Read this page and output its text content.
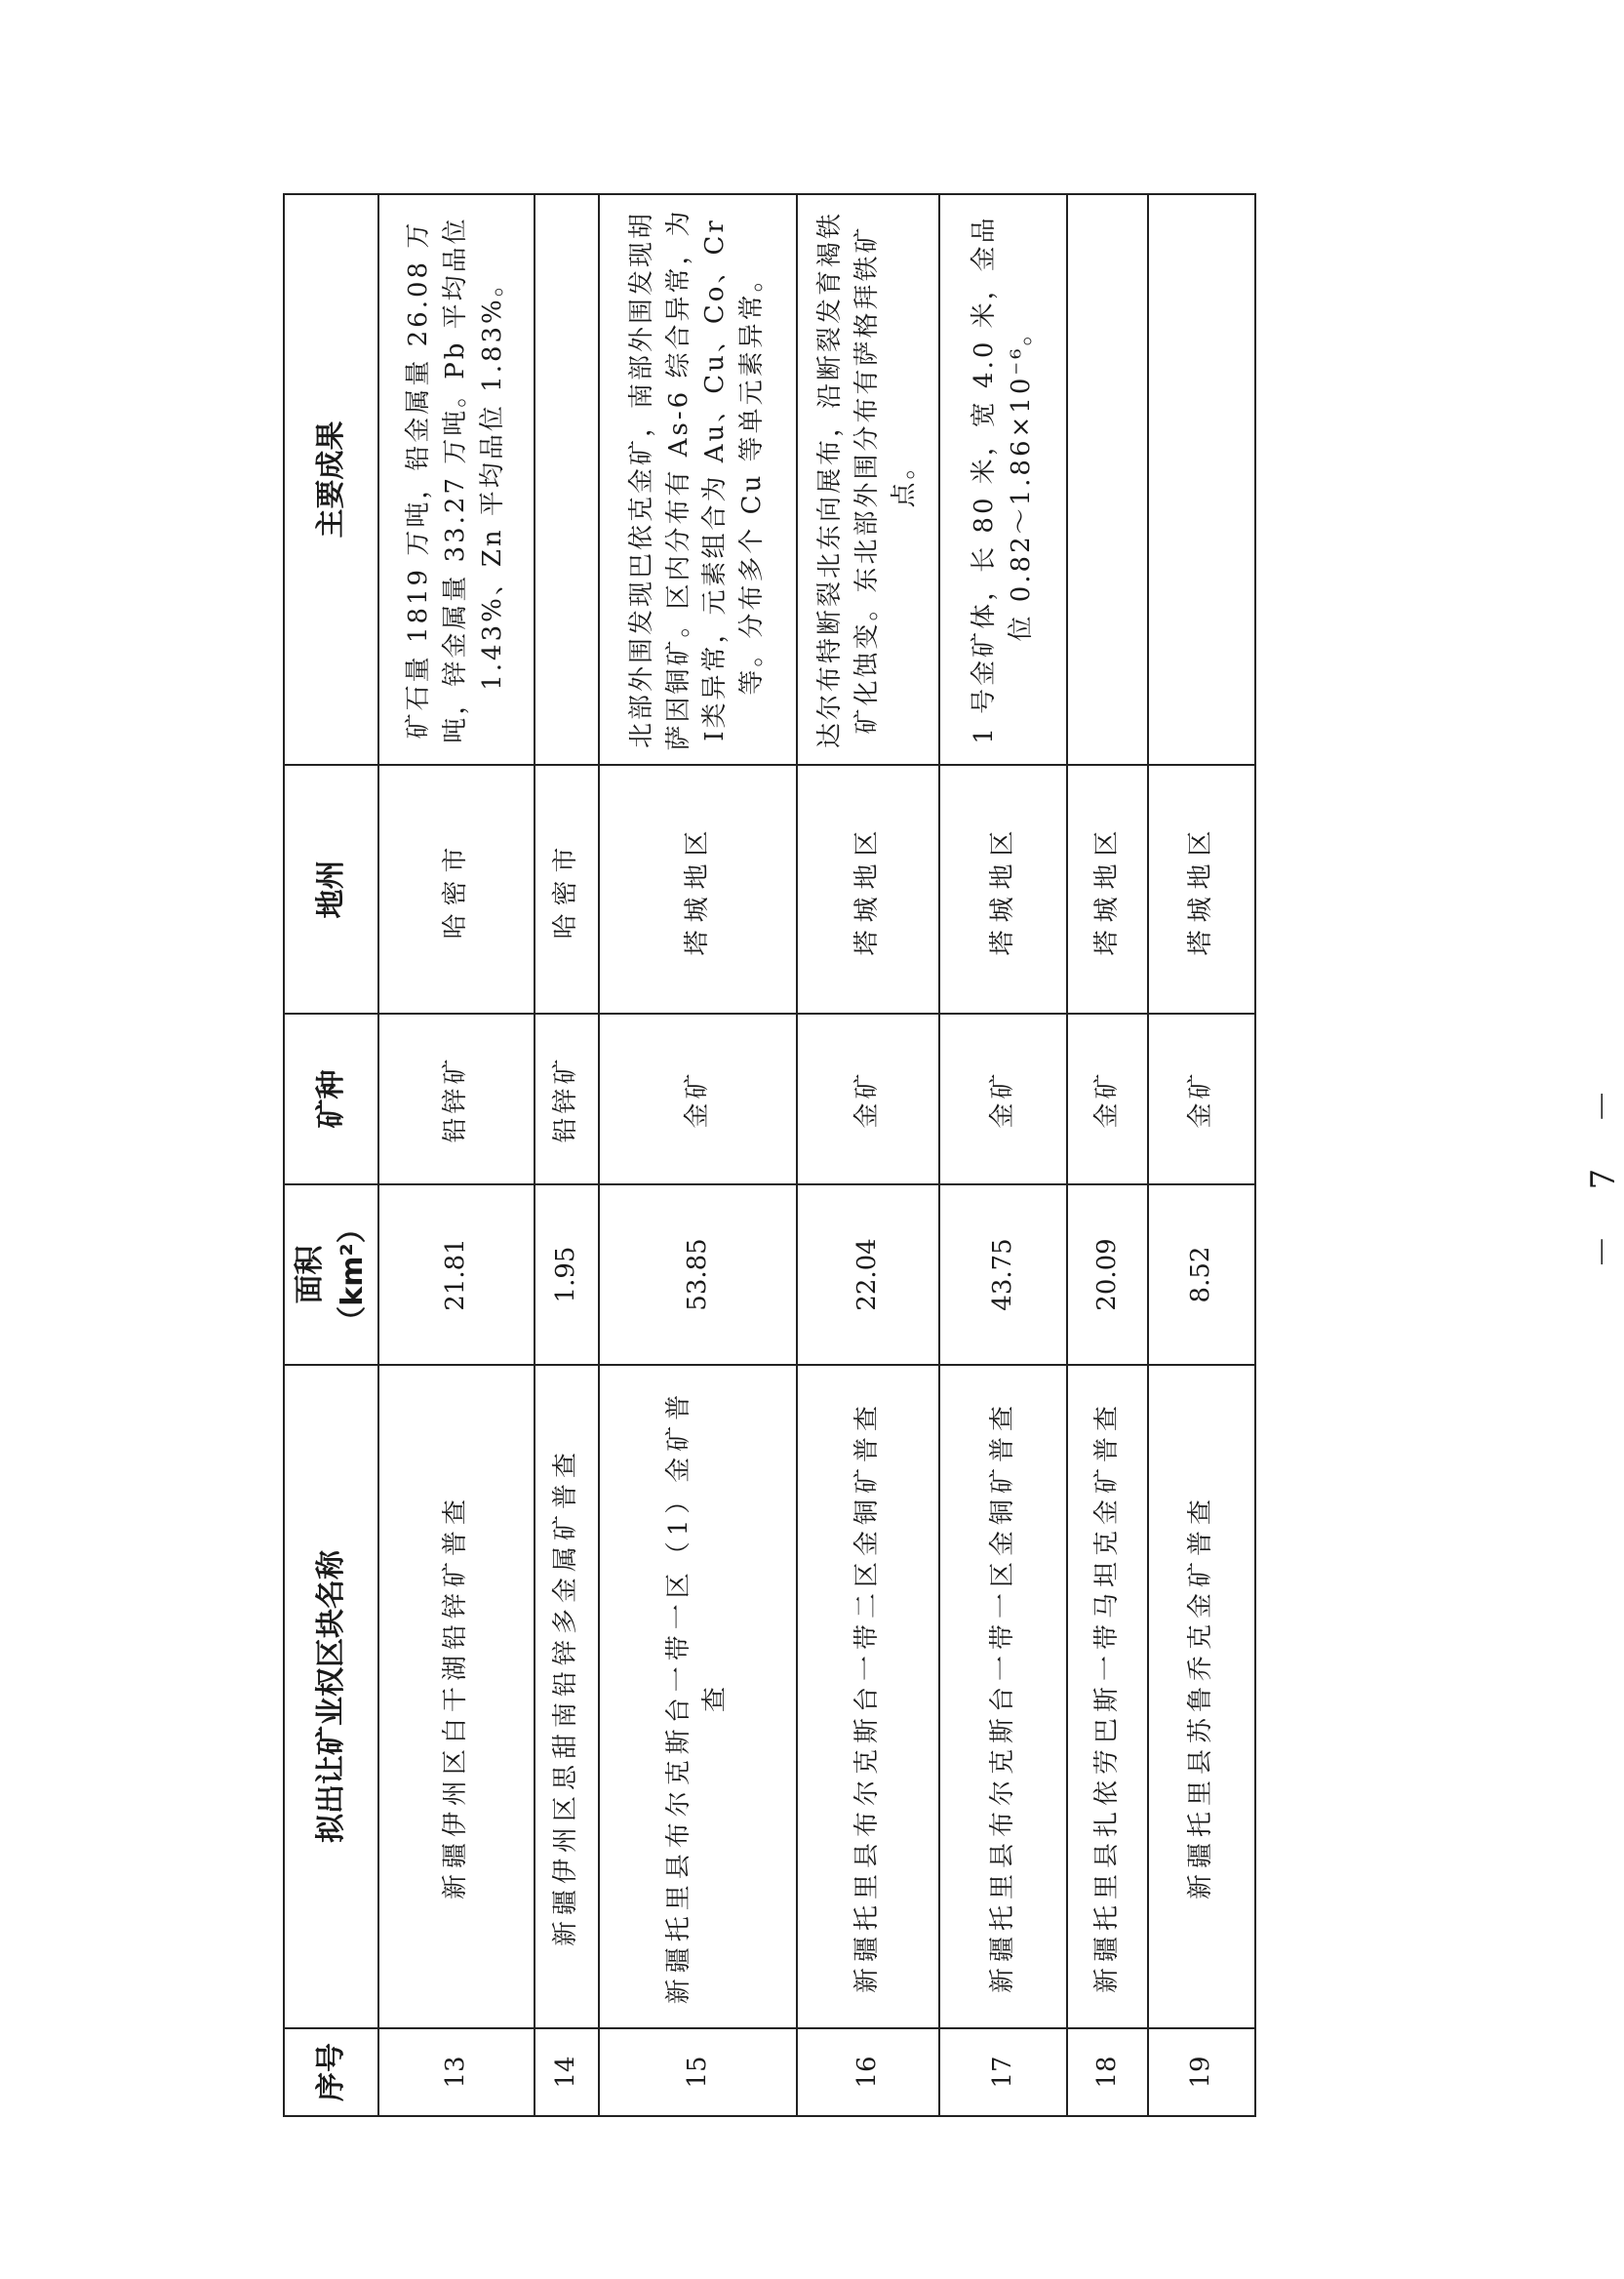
序号	拟出让矿业权区块名称	面积（km²）	矿种	地州	主要成果
13	新疆伊州区白干湖铅锌矿普查	21.81	铅锌矿	哈密市	矿石量 1819 万吨，铅金属量 26.08 万吨，锌金属量 33.27 万吨。Pb 平均品位 1.43%、Zn 平均品位 1.83%。
14	新疆伊州区思甜南铅锌多金属矿普查	1.95	铅锌矿	哈密市	
15	新疆托里县布尔克斯台一带一区（1）金矿普查	53.85	金矿	塔城地区	北部外围发现巴依克金矿，南部外围发现胡萨因铜矿。区内分布有 As-6 综合异常，为Ⅰ类异常，元素组合为 Au、Cu、Co、Cr 等。分布多个 Cu 等单元素异常。
16	新疆托里县布尔克斯台一带二区金铜矿普查	22.04	金矿	塔城地区	达尔布特断裂北东向展布，沿断裂发育褐铁矿化蚀变。东北部外围分布有萨格拜铁矿点。
17	新疆托里县布尔克斯台一带一区金铜矿普查	43.75	金矿	塔城地区	1 号金矿体，长 80 米，宽 4.0 米，金品位 0.82～1.86×10⁻⁶。
18	新疆托里县扎依劳巴斯一带马坦克金矿普查	20.09	金矿	塔城地区	
19	新疆托里县苏鲁乔克金矿普查	8.52	金矿	塔城地区	
－ 7 －
